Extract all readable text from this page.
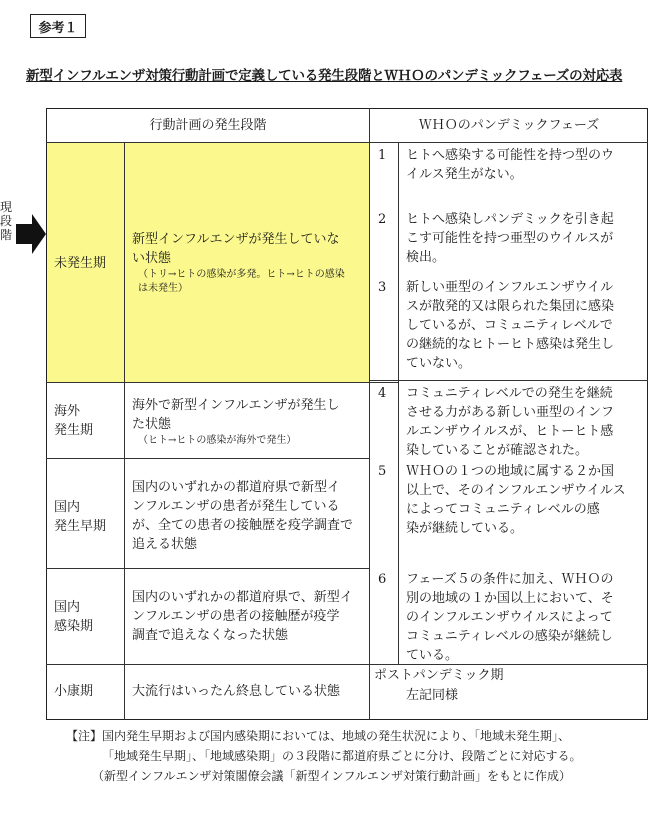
参考１
新型インフルエンザ対策行動計画で定義している発生段階とＷＨＯのパンデミックフェーズの対応表
行動計画の発生段階	ＷＨＯのパンデミックフェーズ
現
段
階
未発生期
新型インフルエンザが発生していな
い状態
（トリ→ヒトの感染が多発。ヒト→ヒトの感染
は未発生）
海外
発生期
海外で新型インフルエンザが発生し
た状態
（ヒト→ヒトの感染が海外で発生）
国内
発生早期
国内のいずれかの都道府県で新型イ
ンフルエンザの患者が発生している
が、全ての患者の接触歴を疫学調査で
追える状態
国内
感染期
国内のいずれかの都道府県で、新型イ
ンフルエンザの患者の接触歴が疫学
調査で追えなくなった状態
小康期	大流行はいったん終息している状態
1 ヒトへ感染する可能性を持つ型のウ
イルス発生がない。
2 ヒトへ感染しパンデミックを引き起
こす可能性を持つ亜型のウイルスが
検出。
3 新しい亜型のインフルエンザウイル
スが散発的又は限られた集団に感染
しているが、コミュニティレベルで
の継続的なヒトーヒト感染は発生し
ていない。
4 コミュニティレベルでの発生を継続
させる力がある新しい亜型のインフ
ルエンザウイルスが、ヒトーヒト感
染していることが確認された。
5 ＷＨＯの１つの地域に属する２か国
以上で、そのインフルエンザウイルス
によってコミュニティレベルの感
染が継続している。
6 フェーズ５の条件に加え、ＷＨＯの
別の地域の１か国以上において、そ
のインフルエンザウイルスによって
コミュニティレベルの感染が継続し
ている。
ポストパンデミック期
左記同様
【注】国内発生早期および国内感染期においては、地域の発生状況により、「地域未発生期」、
「地域発生早期」、「地域感染期」の３段階に都道府県ごとに分け、段階ごとに対応する。
（新型インフルエンザ対策閣僚会議「新型インフルエンザ対策行動計画」をもとに作成）
